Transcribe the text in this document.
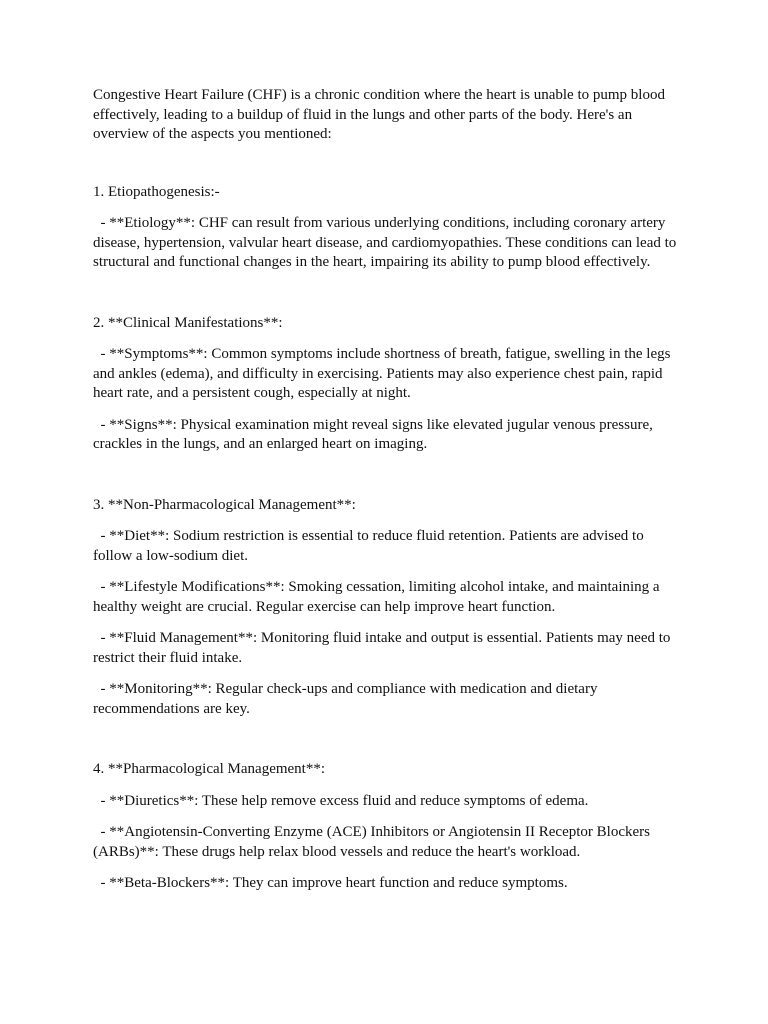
Congestive Heart Failure (CHF) is a chronic condition where the heart is unable to pump blood effectively, leading to a buildup of fluid in the lungs and other parts of the body. Here's an overview of the aspects you mentioned:

1. Etiopathogenesis:-

- **Etiology**: CHF can result from various underlying conditions, including coronary artery disease, hypertension, valvular heart disease, and cardiomyopathies. These conditions can lead to structural and functional changes in the heart, impairing its ability to pump blood effectively.

2. **Clinical Manifestations**:

- **Symptoms**: Common symptoms include shortness of breath, fatigue, swelling in the legs and ankles (edema), and difficulty in exercising. Patients may also experience chest pain, rapid heart rate, and a persistent cough, especially at night.

- **Signs**: Physical examination might reveal signs like elevated jugular venous pressure, crackles in the lungs, and an enlarged heart on imaging.

3. **Non-Pharmacological Management**:

- **Diet**: Sodium restriction is essential to reduce fluid retention. Patients are advised to follow a low-sodium diet.

- **Lifestyle Modifications**: Smoking cessation, limiting alcohol intake, and maintaining a healthy weight are crucial. Regular exercise can help improve heart function.

- **Fluid Management**: Monitoring fluid intake and output is essential. Patients may need to restrict their fluid intake.

- **Monitoring**: Regular check-ups and compliance with medication and dietary recommendations are key.

4. **Pharmacological Management**:

- **Diuretics**: These help remove excess fluid and reduce symptoms of edema.

- **Angiotensin-Converting Enzyme (ACE) Inhibitors or Angiotensin II Receptor Blockers (ARBs)**: These drugs help relax blood vessels and reduce the heart's workload.

- **Beta-Blockers**: They can improve heart function and reduce symptoms.
